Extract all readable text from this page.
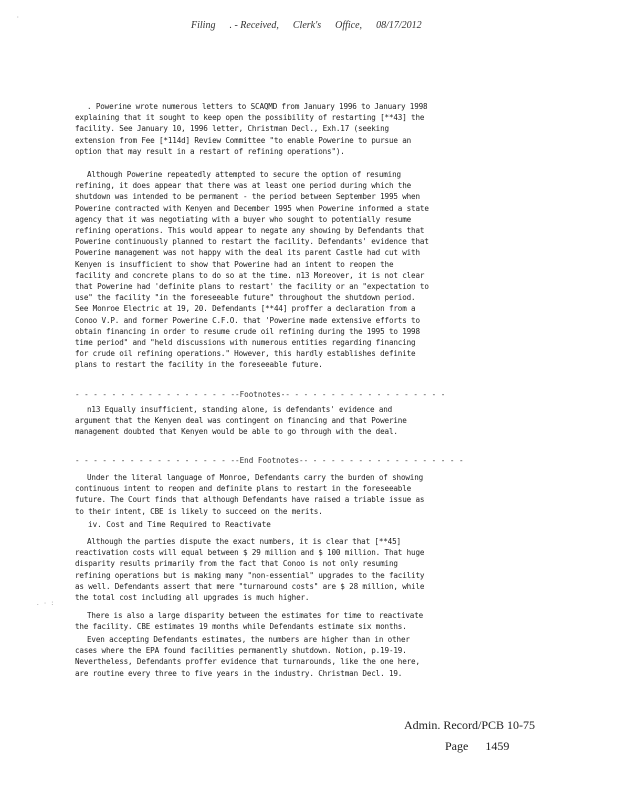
Filing . - Received, Clerk's Office, 08/17/2012
. Powerine wrote numerous letters to SCAQMD from January 1996 to January 1998
explaining that it sought to keep open the possibility of restarting [**43] the
facility. See January 10, 1996 letter, Christman Decl., Exh.17 (seeking
extension from Fee [*114d] Review Committee "to enable Powerine to pursue an
option that may result in a restart of refining operations").
Although Powerine repeatedly attempted to secure the option of resuming
refining, it does appear that there was at least one period during which the
shutdown was intended to be permanent - the period between September 1995 when
Powerine contracted with Kenyen and December 1995 when Powerine informed a state
agency that it was negotiating with a buyer who sought to potentially resume
refining operations. This would appear to negate any showing by Defendants that
Powerine continuously planned to restart the facility. Defendants' evidence that
Powerine management was not happy with the deal its parent Castle had cut with
Kenyen is insufficient to show that Powerine had an intent to reopen the
facility and concrete plans to do so at the time. n13 Moreover, it is not clear
that Powerine had 'definite plans to restart' the facility or an "expectation to
use" the facility "in the foreseeable future" throughout the shutdown period.
See Monroe Electric at 19, 20. Defendants [**44] proffer a declaration from a
Conoo V.P. and former Powerine C.F.O. that 'Powerine made extensive efforts to
obtain financing in order to resume crude oil refining during the 1995 to 1998
time period" and "held discussions with numerous entities regarding financing
for crude oil refining operations." However, this hardly establishes definite
plans to restart the facility in the foreseeable future.
- - - - - - - - - - - - - - - - - --Footnotes-- - - - - - - - - - - - - - - - - -
n13 Equally insufficient, standing alone, is defendants' evidence and
argument that the Kenyen deal was contingent on financing and that Powerine
management doubted that Kenyen would be able to go through with the deal.
- - - - - - - - - - - - - - - - - --End Footnotes-- - - - - - - - - - - - - - - - - -
Under the literal language of Monroe, Defendants carry the burden of showing
continuous intent to reopen and definite plans to restart in the foreseeable
future. The Court finds that although Defendants have raised a triable issue as
to their intent, CBE is likely to succeed on the merits.
iv. Cost and Time Required to Reactivate
Although the parties dispute the exact numbers, it is clear that [**45]
reactivation costs will equal between $ 29 million and $ 100 million. That huge
disparity results primarily from the fact that Conoo is not only resuming
refining operations but is making many "non-essential" upgrades to the facility
as well. Defendants assert that mere "turnaround costs" are $ 28 million, while
the total cost including all upgrades is much higher.
There is also a large disparity between the estimates for time to reactivate
the facility. CBE estimates 19 months while Defendants estimate six months.
Even accepting Defendants estimates, the numbers are higher than in other
cases where the EPA found facilities permanently shutdown. Notion, p.19-19.
Nevertheless, Defendants proffer evidence that turnarounds, like the one here,
are routine every three to five years in the industry. Christman Decl. 19.
Admin. Record/PCB 10-75
Page 1459
. · :
·
